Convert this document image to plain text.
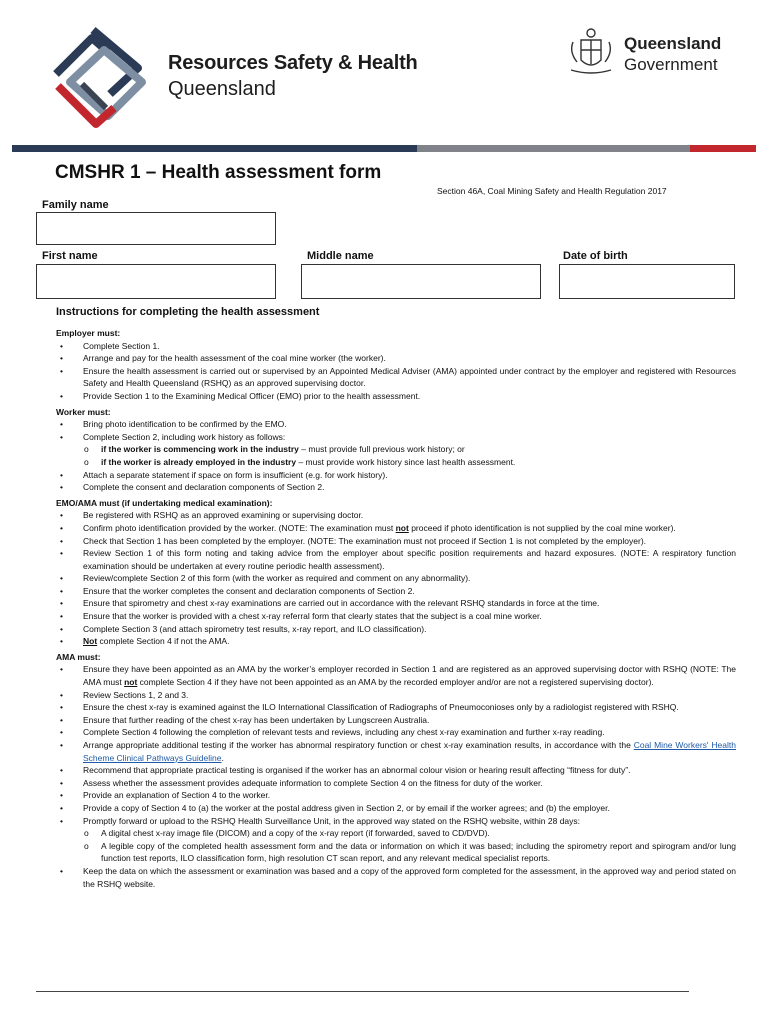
Resources Safety & Health
Queensland
Queensland
Government
CMSHR 1 – Health assessment form
Section 46A, Coal Mining Safety and Health Regulation 2017
Family name
First name	Middle name	Date of birth
Instructions for completing the health assessment
Employer must:
• Complete Section 1.
• Arrange and pay for the health assessment of the coal mine worker (the worker).
• Ensure the health assessment is carried out or supervised by an Appointed Medical Adviser (AMA) appointed under contract by the employer and registered with Resources Safety and Health Queensland (RSHQ) as an approved supervising doctor.
• Provide Section 1 to the Examining Medical Officer (EMO) prior to the health assessment.
Worker must:
• Bring photo identification to be confirmed by the EMO.
• Complete Section 2, including work history as follows:
o if the worker is commencing work in the industry – must provide full previous work history; or
o if the worker is already employed in the industry – must provide work history since last health assessment.
• Attach a separate statement if space on form is insufficient (e.g. for work history).
• Complete the consent and declaration components of Section 2.
EMO/AMA must (if undertaking medical examination):
• Be registered with RSHQ as an approved examining or supervising doctor.
• Confirm photo identification provided by the worker. (NOTE: The examination must not proceed if photo identification is not supplied by the coal mine worker).
• Check that Section 1 has been completed by the employer. (NOTE: The examination must not proceed if Section 1 is not completed by the employer).
• Review Section 1 of this form noting and taking advice from the employer about specific position requirements and hazard exposures. (NOTE: A respiratory function examination should be undertaken at every routine periodic health assessment).
• Review/complete Section 2 of this form (with the worker as required and comment on any abnormality).
• Ensure that the worker completes the consent and declaration components of Section 2.
• Ensure that spirometry and chest x-ray examinations are carried out in accordance with the relevant RSHQ standards in force at the time.
• Ensure that the worker is provided with a chest x-ray referral form that clearly states that the subject is a coal mine worker.
• Complete Section 3 (and attach spirometry test results, x-ray report, and ILO classification).
• Not complete Section 4 if not the AMA.
AMA must:
• Ensure they have been appointed as an AMA by the worker’s employer recorded in Section 1 and are registered as an approved supervising doctor with RSHQ (NOTE: The AMA must not complete Section 4 if they have not been appointed as an AMA by the recorded employer and/or are not a registered supervising doctor).
• Review Sections 1, 2 and 3.
• Ensure the chest x-ray is examined against the ILO International Classification of Radiographs of Pneumoconioses only by a radiologist registered with RSHQ.
• Ensure that further reading of the chest x-ray has been undertaken by Lungscreen Australia.
• Complete Section 4 following the completion of relevant tests and reviews, including any chest x-ray examination and further x-ray reading.
• Arrange appropriate additional testing if the worker has abnormal respiratory function or chest x-ray examination results, in accordance with the Coal Mine Workers' Health Scheme Clinical Pathways Guideline.
• Recommend that appropriate practical testing is organised if the worker has an abnormal colour vision or hearing result affecting “fitness for duty”.
• Assess whether the assessment provides adequate information to complete Section 4 on the fitness for duty of the worker.
• Provide an explanation of Section 4 to the worker.
• Provide a copy of Section 4 to (a) the worker at the postal address given in Section 2, or by email if the worker agrees; and (b) the employer.
• Promptly forward or upload to the RSHQ Health Surveillance Unit, in the approved way stated on the RSHQ website, within 28 days:
o A digital chest x-ray image file (DICOM) and a copy of the x-ray report (if forwarded, saved to CD/DVD).
o A legible copy of the completed health assessment form and the data or information on which it was based; including the spirometry report and spirogram and/or lung function test reports, ILO classification form, high resolution CT scan report, and any relevant medical specialist reports.
• Keep the data on which the assessment or examination was based and a copy of the approved form completed for the assessment, in the approved way and period stated on the RSHQ website.
